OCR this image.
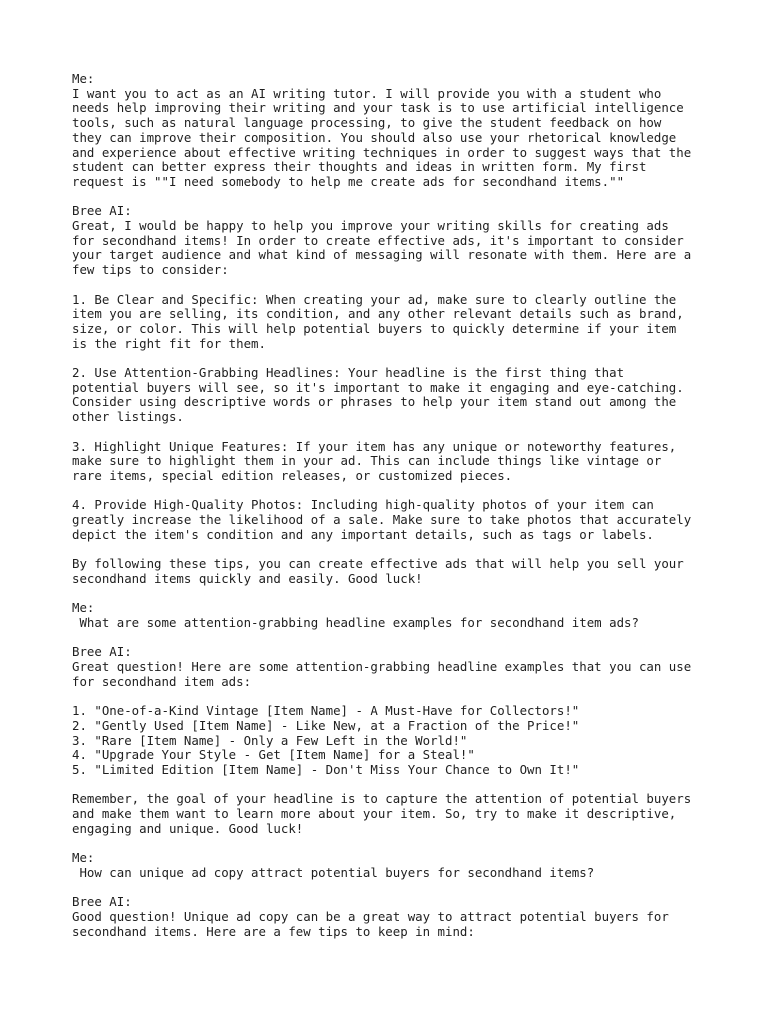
Me:
I want you to act as an AI writing tutor. I will provide you with a student who
needs help improving their writing and your task is to use artificial intelligence
tools, such as natural language processing, to give the student feedback on how
they can improve their composition. You should also use your rhetorical knowledge
and experience about effective writing techniques in order to suggest ways that the
student can better express their thoughts and ideas in written form. My first
request is ""I need somebody to help me create ads for secondhand items.""

Bree AI:
Great, I would be happy to help you improve your writing skills for creating ads
for secondhand items! In order to create effective ads, it's important to consider
your target audience and what kind of messaging will resonate with them. Here are a
few tips to consider:

1. Be Clear and Specific: When creating your ad, make sure to clearly outline the
item you are selling, its condition, and any other relevant details such as brand,
size, or color. This will help potential buyers to quickly determine if your item
is the right fit for them.

2. Use Attention-Grabbing Headlines: Your headline is the first thing that
potential buyers will see, so it's important to make it engaging and eye-catching.
Consider using descriptive words or phrases to help your item stand out among the
other listings.

3. Highlight Unique Features: If your item has any unique or noteworthy features,
make sure to highlight them in your ad. This can include things like vintage or
rare items, special edition releases, or customized pieces.

4. Provide High-Quality Photos: Including high-quality photos of your item can
greatly increase the likelihood of a sale. Make sure to take photos that accurately
depict the item's condition and any important details, such as tags or labels.

By following these tips, you can create effective ads that will help you sell your
secondhand items quickly and easily. Good luck!

Me:
What are some attention-grabbing headline examples for secondhand item ads?

Bree AI:
Great question! Here are some attention-grabbing headline examples that you can use
for secondhand item ads:

1. "One-of-a-Kind Vintage [Item Name] - A Must-Have for Collectors!"
2. "Gently Used [Item Name] - Like New, at a Fraction of the Price!"
3. "Rare [Item Name] - Only a Few Left in the World!"
4. "Upgrade Your Style - Get [Item Name] for a Steal!"
5. "Limited Edition [Item Name] - Don't Miss Your Chance to Own It!"

Remember, the goal of your headline is to capture the attention of potential buyers
and make them want to learn more about your item. So, try to make it descriptive,
engaging and unique. Good luck!

Me:
How can unique ad copy attract potential buyers for secondhand items?

Bree AI:
Good question! Unique ad copy can be a great way to attract potential buyers for
secondhand items. Here are a few tips to keep in mind:
